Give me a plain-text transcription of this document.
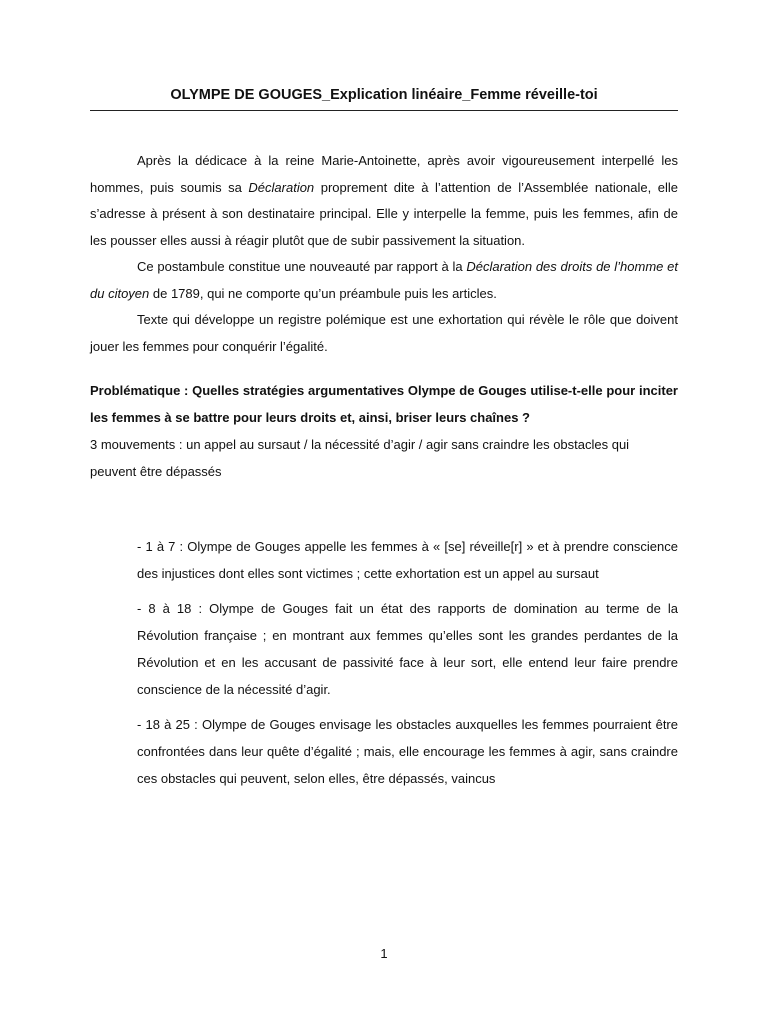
OLYMPE DE GOUGES_Explication linéaire_Femme réveille-toi

Après la dédicace à la reine Marie-Antoinette, après avoir vigoureusement interpellé les hommes, puis soumis sa Déclaration proprement dite à l’attention de l’Assemblée nationale, elle s’adresse à présent à son destinataire principal. Elle y interpelle la femme, puis les femmes, afin de les pousser elles aussi à réagir plutôt que de subir passivement la situation.

Ce postambule constitue une nouveauté par rapport à la Déclaration des droits de l’homme et du citoyen de 1789, qui ne comporte qu’un préambule puis les articles.

Texte qui développe un registre polémique est une exhortation qui révèle le rôle que doivent jouer les femmes pour conquérir l’égalité.

Problématique : Quelles stratégies argumentatives Olympe de Gouges utilise-t-elle pour inciter les femmes à se battre pour leurs droits et, ainsi, briser leurs chaînes ?

3 mouvements : un appel au sursaut / la nécessité d’agir / agir sans craindre les obstacles qui peuvent être dépassés

- 1 à 7 : Olympe de Gouges appelle les femmes à « [se] réveille[r] » et à prendre conscience des injustices dont elles sont victimes ; cette exhortation est un appel au sursaut

- 8 à 18 : Olympe de Gouges fait un état des rapports de domination au terme de la Révolution française ; en montrant aux femmes qu’elles sont les grandes perdantes de la Révolution et en les accusant de passivité face à leur sort, elle entend leur faire prendre conscience de la nécessité d’agir.

- 18 à 25 : Olympe de Gouges envisage les obstacles auxquelles les femmes pourraient être confrontées dans leur quête d’égalité ; mais, elle encourage les femmes à agir, sans craindre ces obstacles qui peuvent, selon elles, être dépassés, vaincus

1
